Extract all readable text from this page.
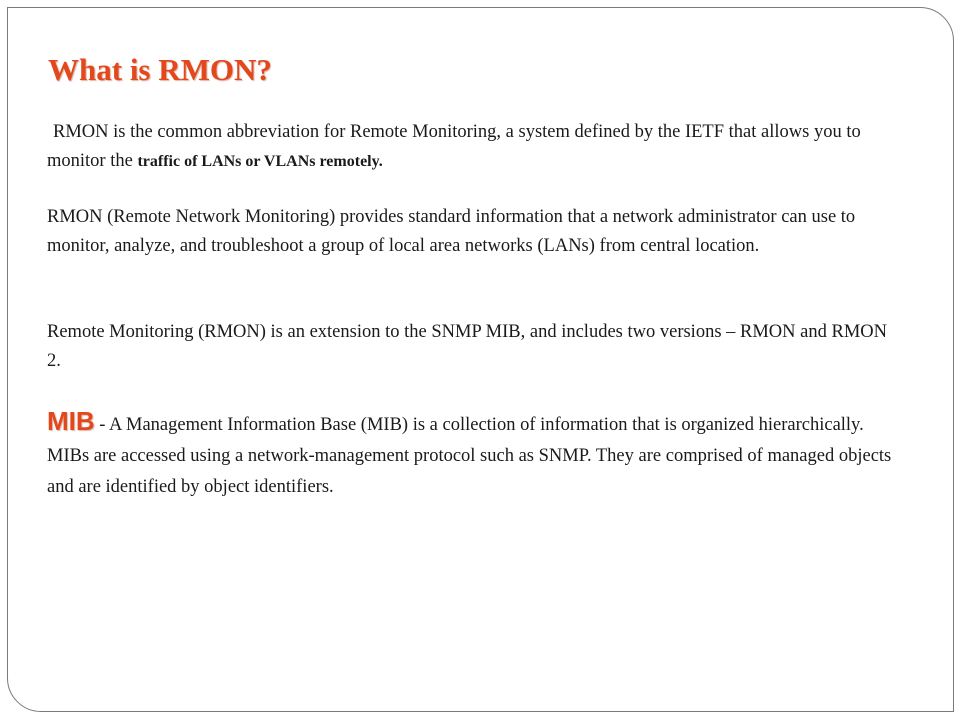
What is RMON?

RMON is the common abbreviation for Remote Monitoring, a system defined by the IETF that allows you to monitor the traffic of LANs or VLANs remotely.

RMON (Remote Network Monitoring) provides standard information that a network administrator can use to monitor, analyze, and troubleshoot a group of local area networks (LANs) from central location.

Remote Monitoring (RMON) is an extension to the SNMP MIB, and includes two versions – RMON and RMON 2.

MIB - A Management Information Base (MIB) is a collection of information that is organized hierarchically. MIBs are accessed using a network-management protocol such as SNMP. They are comprised of managed objects and are identified by object identifiers.
